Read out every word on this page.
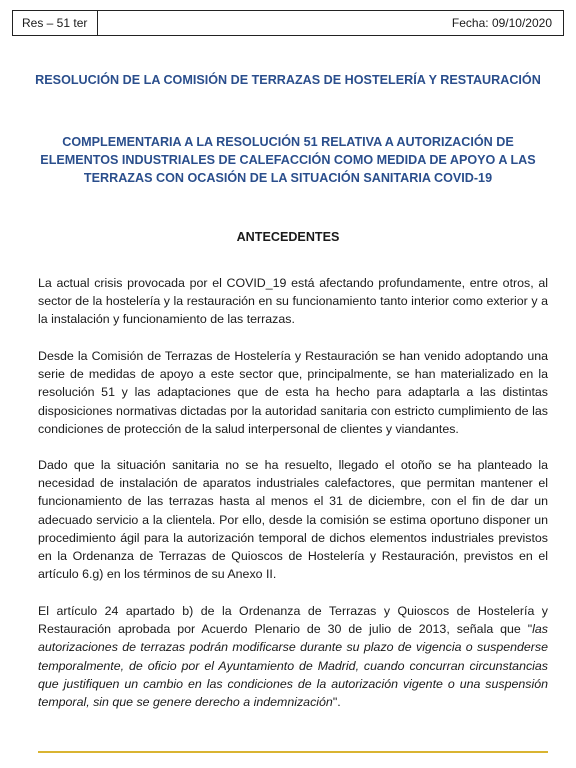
Res – 51 ter	Fecha: 09/10/2020
RESOLUCIÓN DE LA COMISIÓN DE TERRAZAS DE HOSTELERÍA Y RESTAURACIÓN
COMPLEMENTARIA A LA RESOLUCIÓN 51 RELATIVA A AUTORIZACIÓN DE ELEMENTOS INDUSTRIALES DE CALEFACCIÓN COMO MEDIDA DE APOYO A LAS TERRAZAS CON OCASIÓN DE LA SITUACIÓN SANITARIA COVID-19
ANTECEDENTES

La actual crisis provocada por el COVID_19 está afectando profundamente, entre otros, al sector de la hostelería y la restauración en su funcionamiento tanto interior como exterior y a la instalación y funcionamiento de las terrazas.

Desde la Comisión de Terrazas de Hostelería y Restauración se han venido adoptando una serie de medidas de apoyo a este sector que, principalmente, se han materializado en la resolución 51 y las adaptaciones que de esta ha hecho para adaptarla a las distintas disposiciones normativas dictadas por la autoridad sanitaria con estricto cumplimiento de las condiciones de protección de la salud interpersonal de clientes y viandantes.

Dado que la situación sanitaria no se ha resuelto, llegado el otoño se ha planteado la necesidad de instalación de aparatos industriales calefactores, que permitan mantener el funcionamiento de las terrazas hasta al menos el 31 de diciembre, con el fin de dar un adecuado servicio a la clientela. Por ello, desde la comisión se estima oportuno disponer un procedimiento ágil para la autorización temporal de dichos elementos industriales previstos en la Ordenanza de Terrazas de Quioscos de Hostelería y Restauración, previstos en el artículo 6.g) en los términos de su Anexo II.

El artículo 24 apartado b) de la Ordenanza de Terrazas y Quioscos de Hostelería y Restauración aprobada por Acuerdo Plenario de 30 de julio de 2013, señala que "las autorizaciones de terrazas podrán modificarse durante su plazo de vigencia o suspenderse temporalmente, de oficio por el Ayuntamiento de Madrid, cuando concurran circunstancias que justifiquen un cambio en las condiciones de la autorización vigente o una suspensión temporal, sin que se genere derecho a indemnización".
